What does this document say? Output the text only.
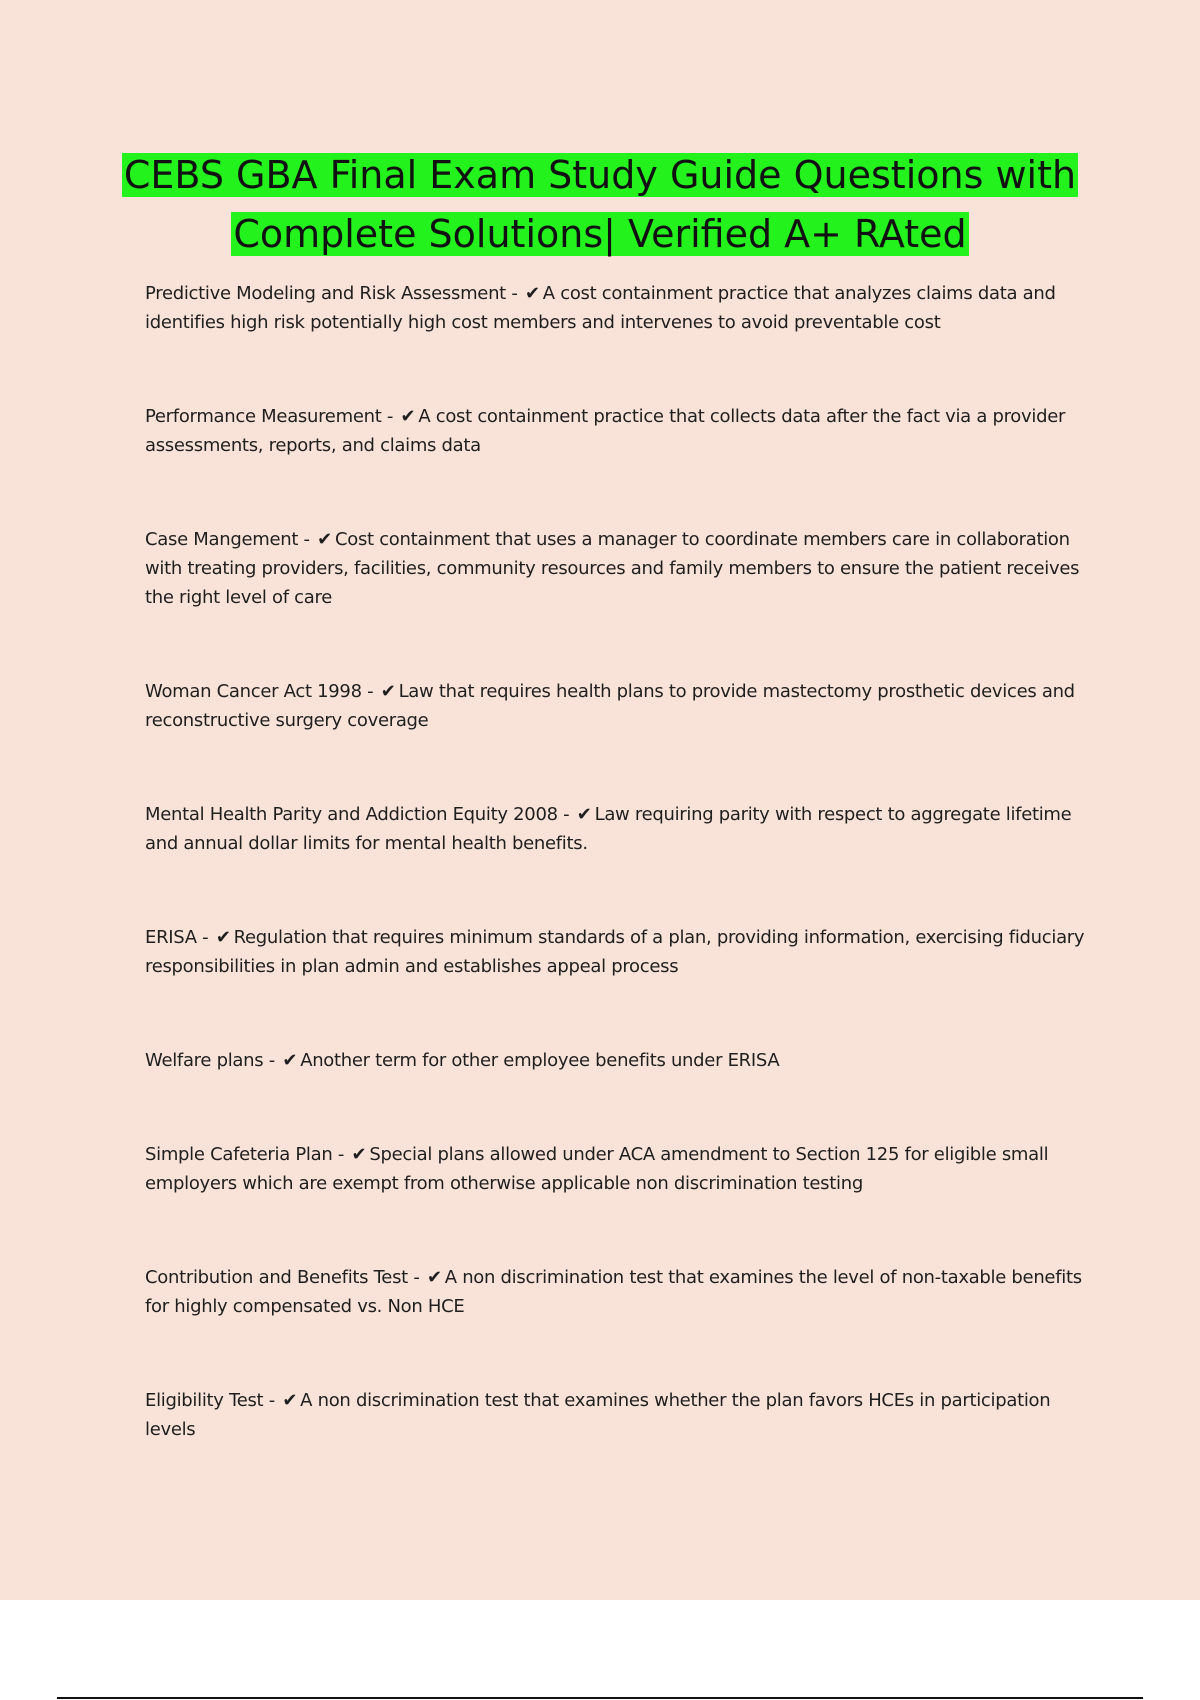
CEBS GBA Final Exam Study Guide Questions with Complete Solutions| Verified A+ RAted
Predictive Modeling and Risk Assessment - ✔ A cost containment practice that analyzes claims data and identifies high risk potentially high cost members and intervenes to avoid preventable cost
Performance Measurement - ✔ A cost containment practice that collects data after the fact via a provider assessments, reports, and claims data
Case Mangement - ✔ Cost containment that uses a manager to coordinate members care in collaboration with treating providers, facilities, community resources and family members to ensure the patient receives the right level of care
Woman Cancer Act 1998 - ✔ Law that requires health plans to provide mastectomy prosthetic devices and reconstructive surgery coverage
Mental Health Parity and Addiction Equity 2008 - ✔ Law requiring parity with respect to aggregate lifetime and annual dollar limits for mental health benefits.
ERISA - ✔ Regulation that requires minimum standards of a plan, providing information, exercising fiduciary responsibilities in plan admin and establishes appeal process
Welfare plans - ✔ Another term for other employee benefits under ERISA
Simple Cafeteria Plan - ✔ Special plans allowed under ACA amendment to Section 125 for eligible small employers which are exempt from otherwise applicable non discrimination testing
Contribution and Benefits Test - ✔ A non discrimination test that examines the level of non-taxable benefits for highly compensated vs. Non HCE
Eligibility Test - ✔ A non discrimination test that examines whether the plan favors HCEs in participation levels
